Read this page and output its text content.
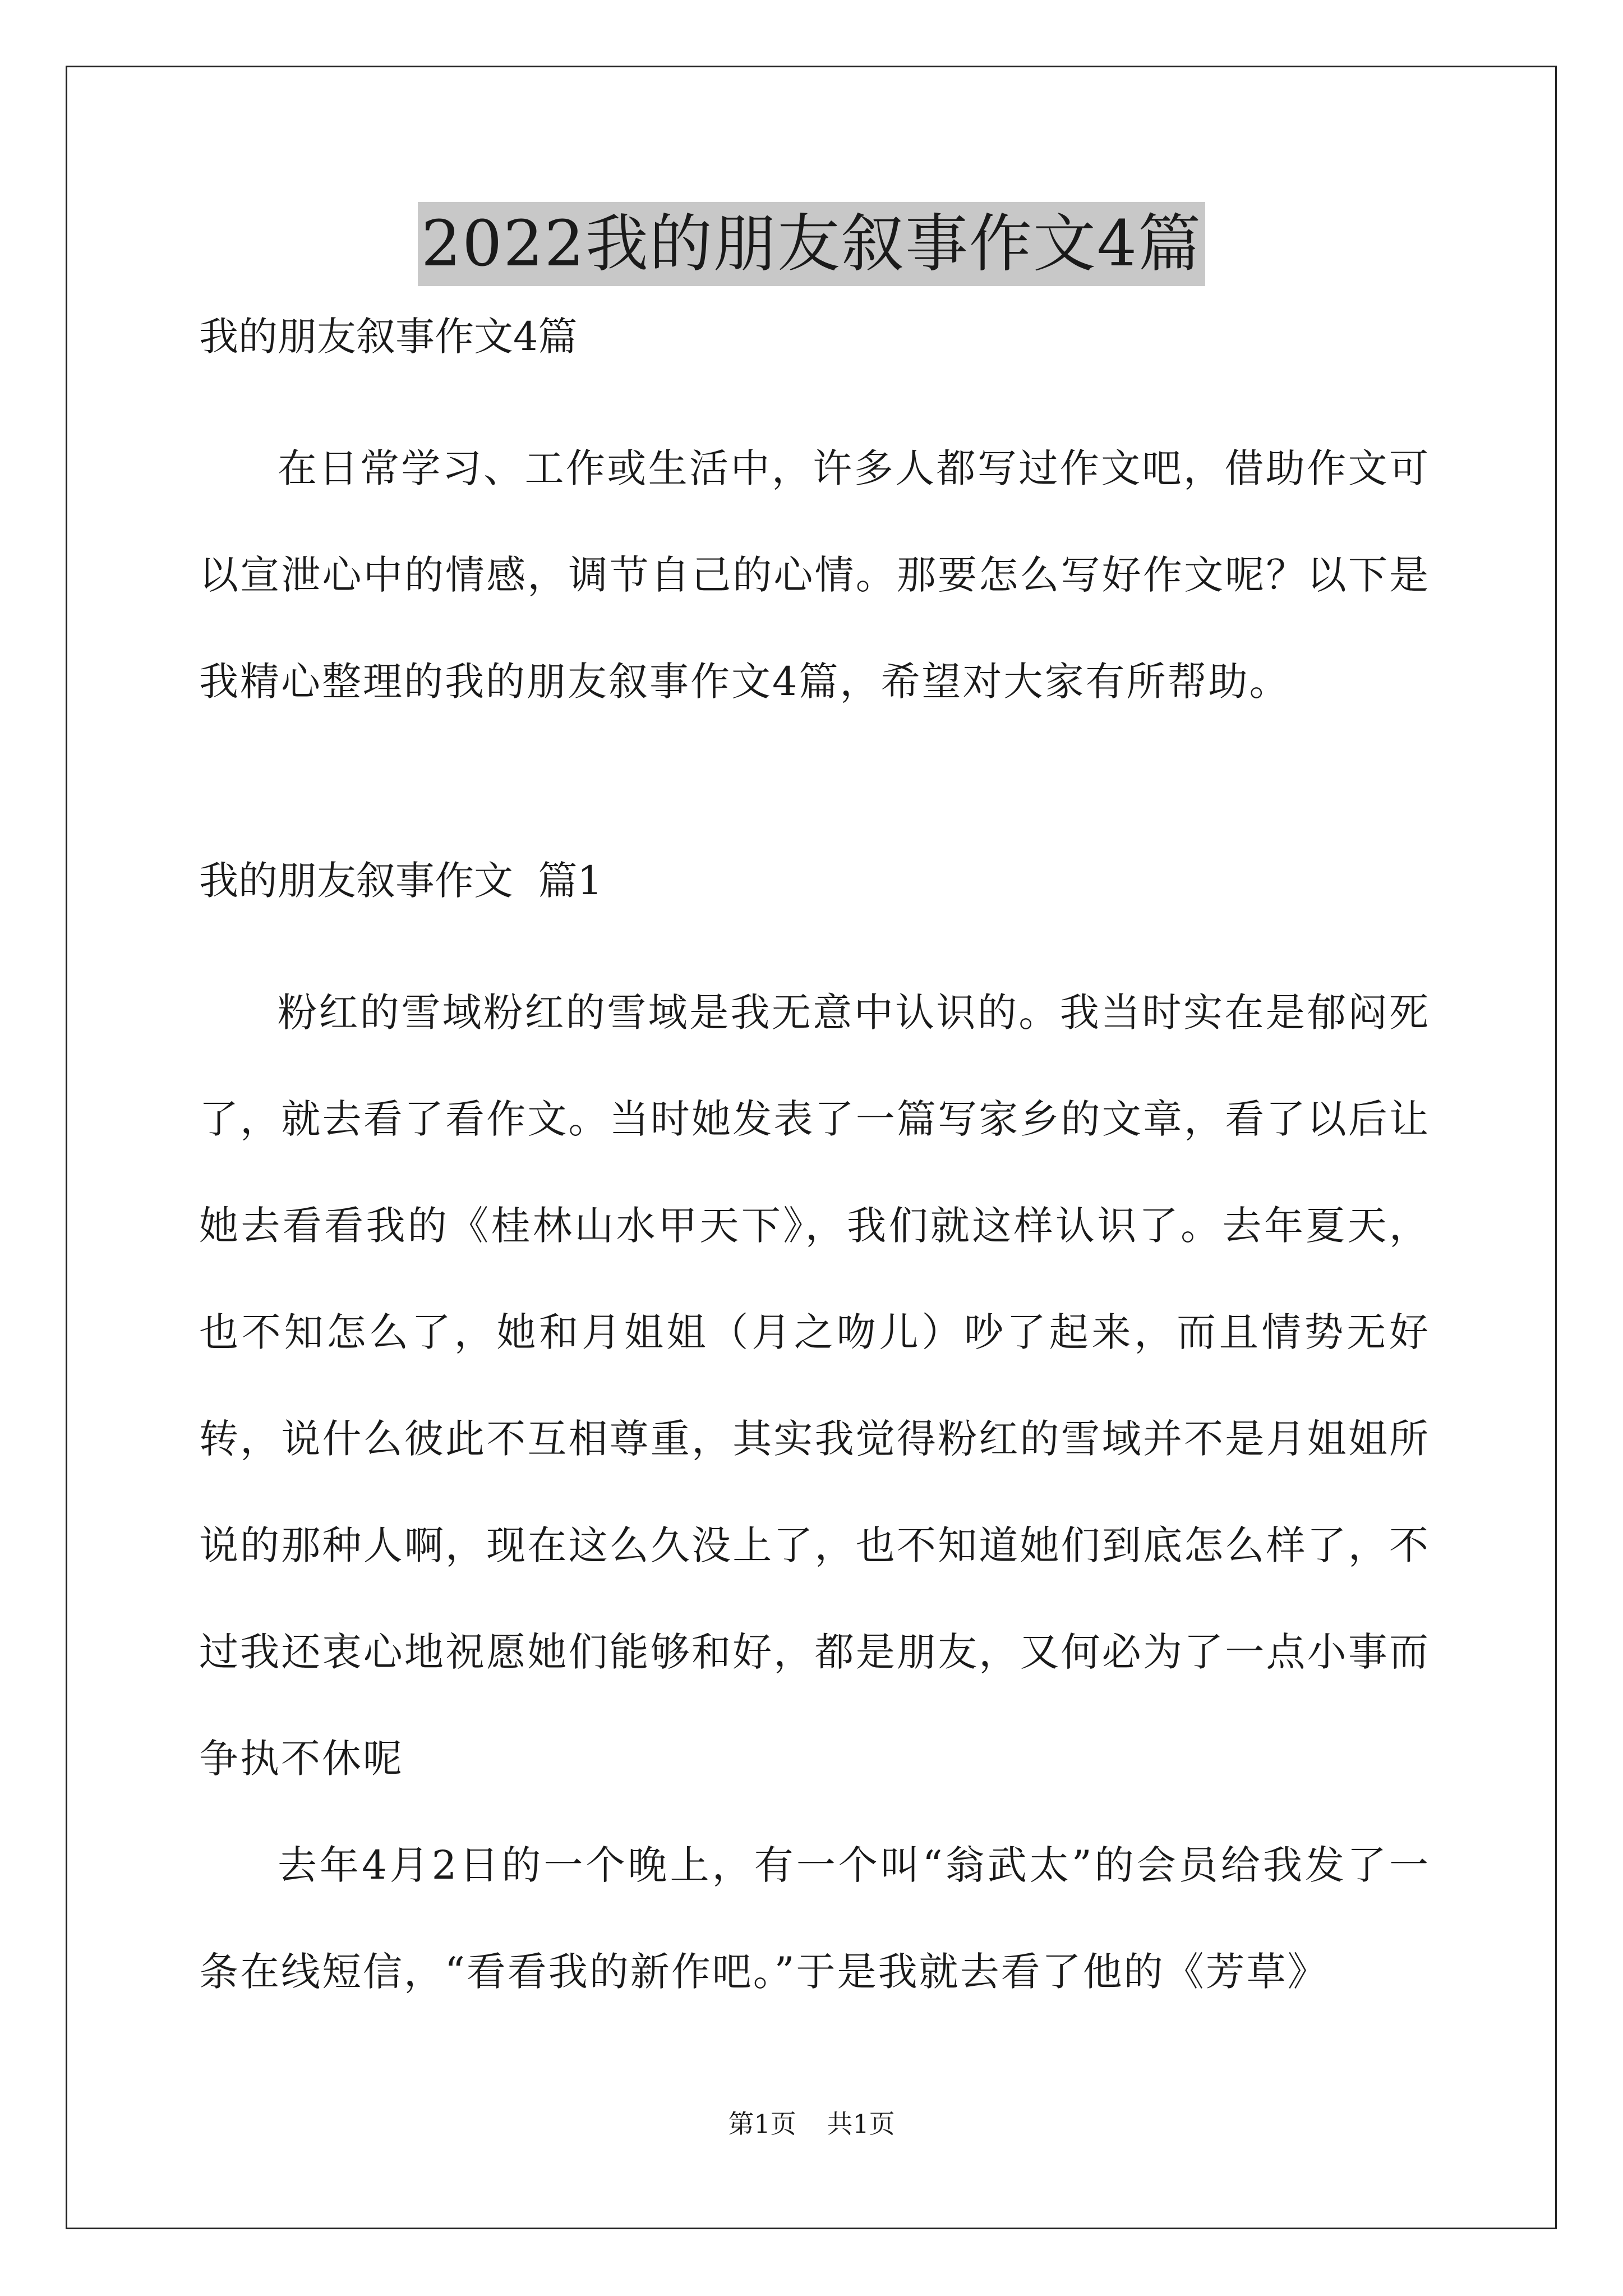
2022我的朋友叙事作文4篇
我的朋友叙事作文4篇

在日常学习、工作或生活中，许多人都写过作文吧，借助作文可以宣泄心中的情感，调节自己的心情。那要怎么写好作文呢？以下是我精心整理的我的朋友叙事作文4篇，希望对大家有所帮助。

我的朋友叙事作文  篇1

粉红的雪域粉红的雪域是我无意中认识的。我当时实在是郁闷死了，就去看了看作文。当时她发表了一篇写家乡的文章，看了以后让她去看看我的《桂林山水甲天下》，我们就这样认识了。去年夏天，也不知怎么了，她和月姐姐（月之吻儿）吵了起来，而且情势无好转，说什么彼此不互相尊重，其实我觉得粉红的雪域并不是月姐姐所说的那种人啊，现在这么久没上了，也不知道她们到底怎么样了，不过我还衷心地祝愿她们能够和好，都是朋友，又何必为了一点小事而争执不休呢

去年4月2日的一个晚上，有一个叫“翁武太”的会员给我发了一条在线短信，“看看我的新作吧。”于是我就去看了他的《芳草》

第1页 共1页
